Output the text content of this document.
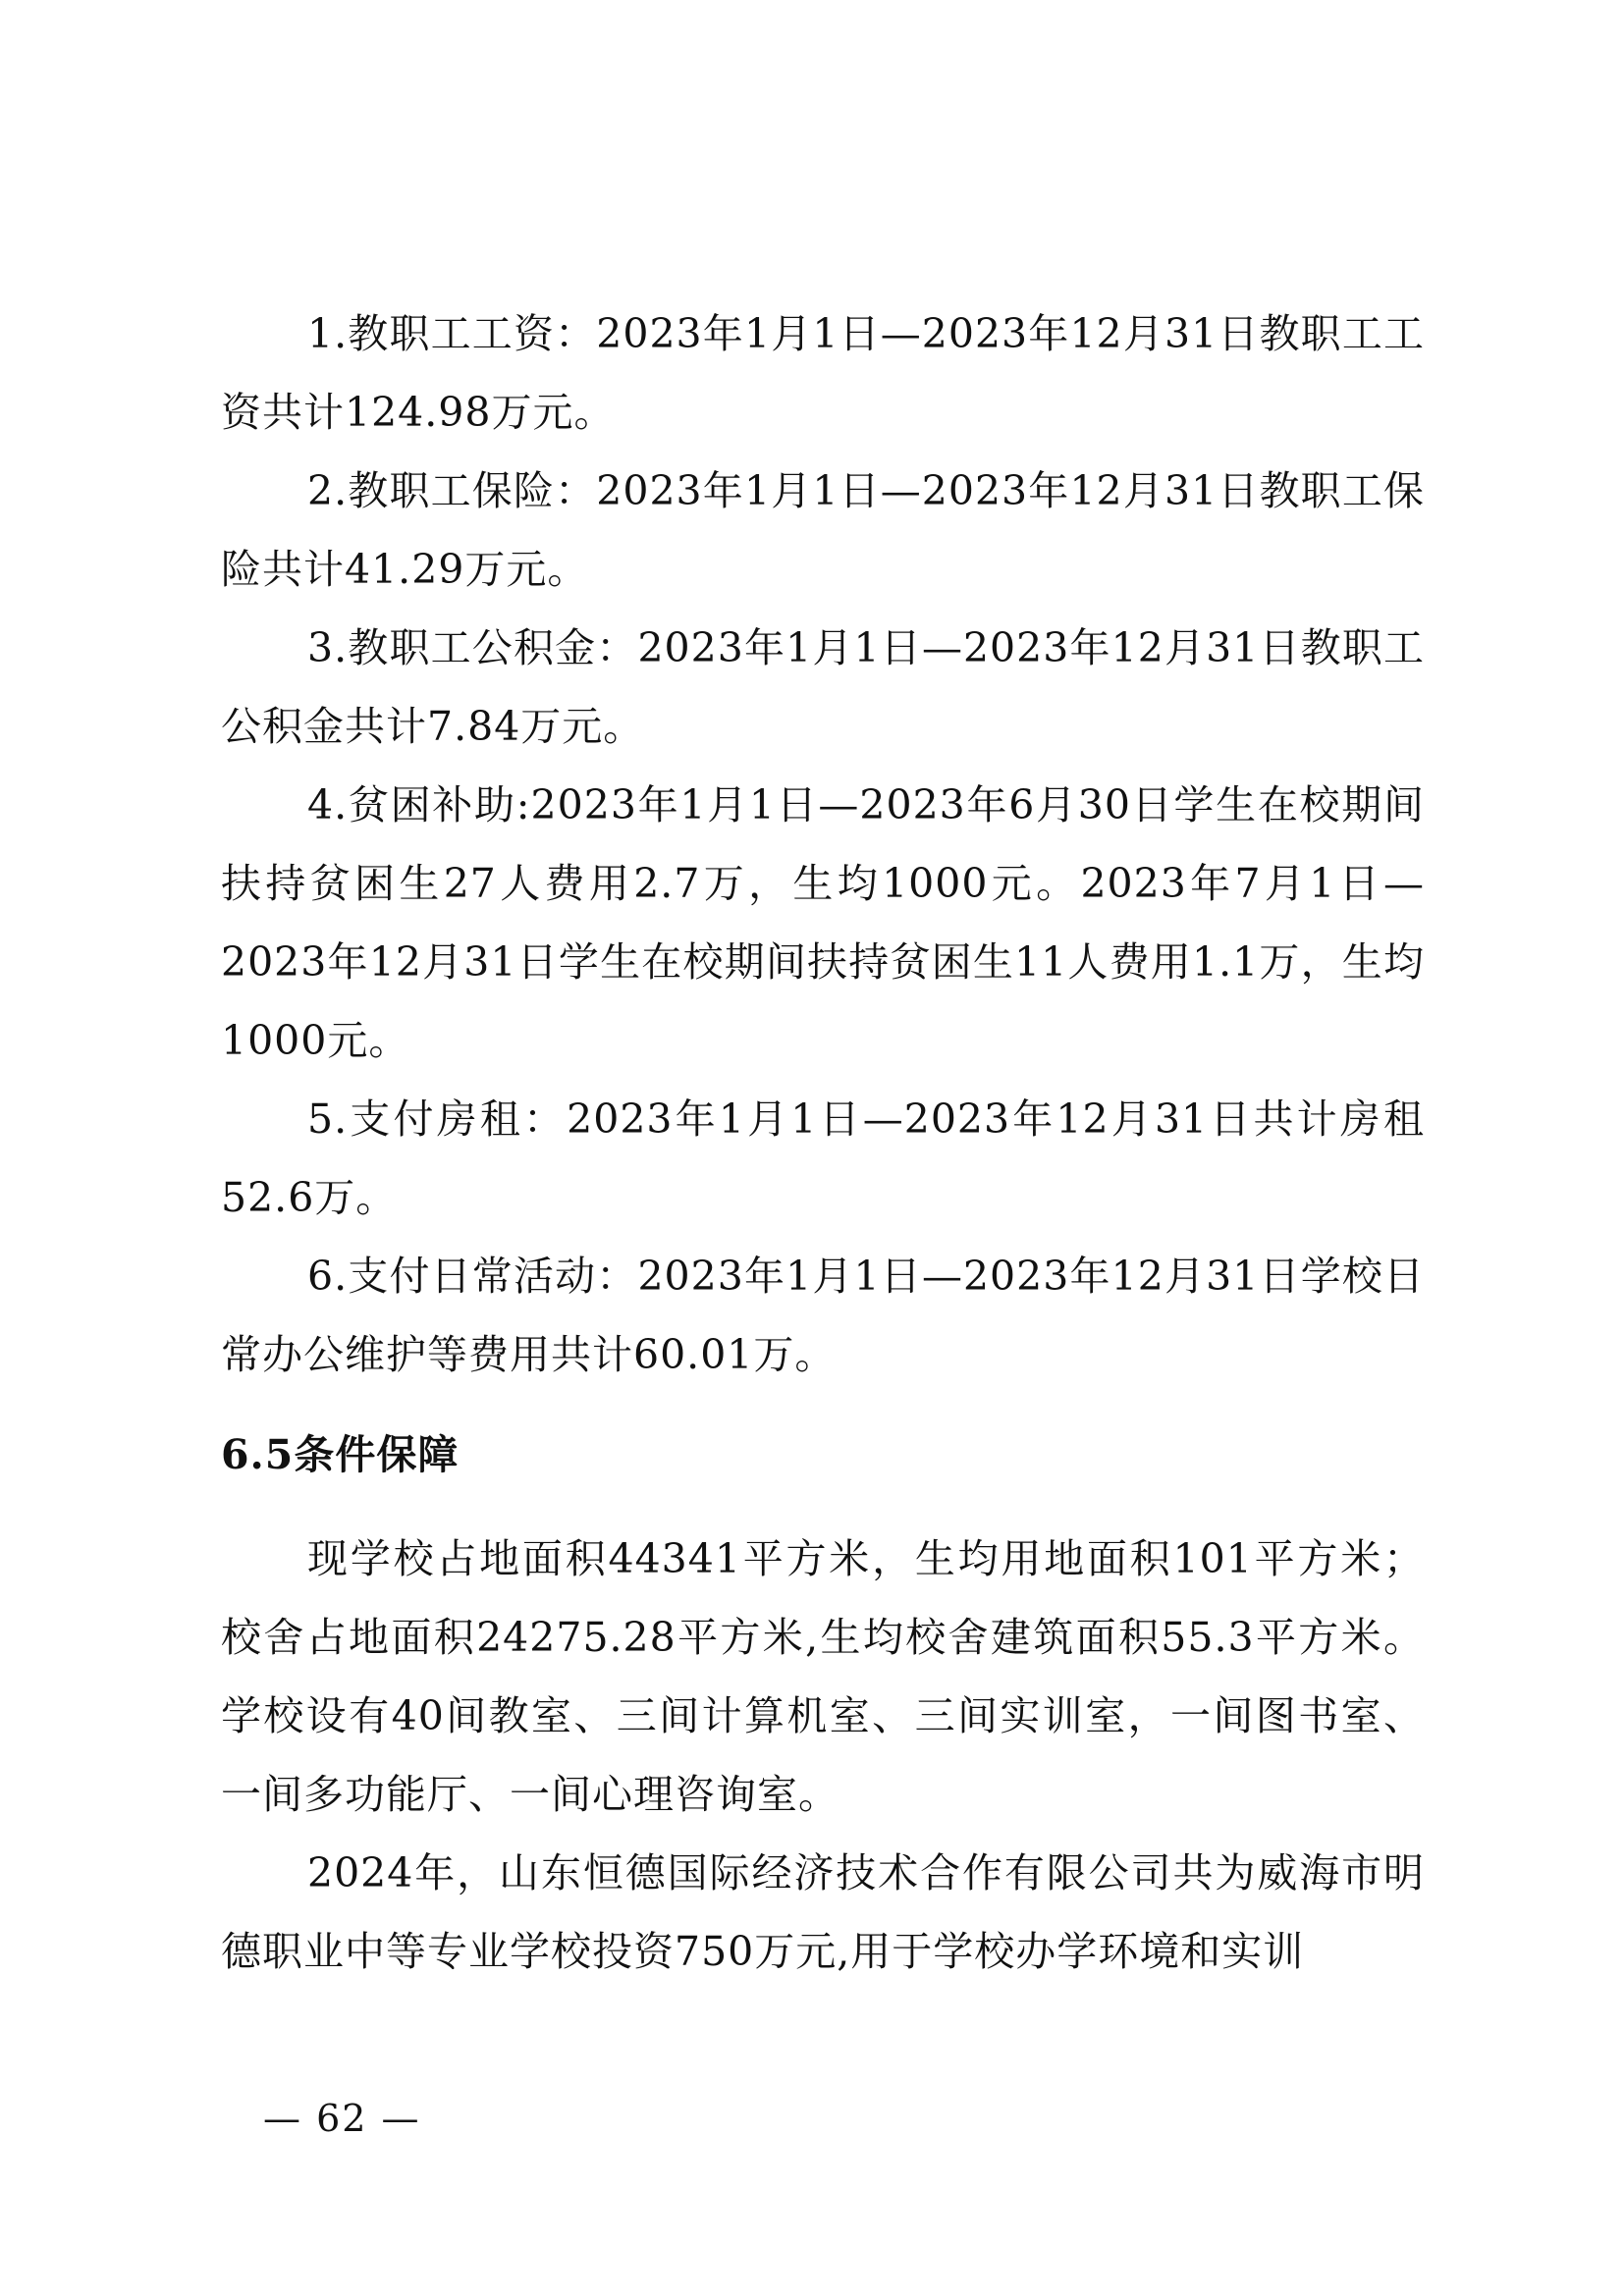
1.教职工工资：2023年1月1日—2023年12月31日教职工工资共计124.98万元。

2.教职工保险：2023年1月1日—2023年12月31日教职工保险共计41.29万元。

3.教职工公积金：2023年1月1日—2023年12月31日教职工公积金共计7.84万元。

4.贫困补助:2023年1月1日—2023年6月30日学生在校期间扶持贫困生27人费用2.7万，生均1000元。2023年7月1日—2023年12月31日学生在校期间扶持贫困生11人费用1.1万，生均1000元。

5.支付房租：2023年1月1日—2023年12月31日共计房租52.6万。

6.支付日常活动：2023年1月1日—2023年12月31日学校日常办公维护等费用共计60.01万。

6.5条件保障

现学校占地面积44341平方米，生均用地面积101平方米；校舍占地面积24275.28平方米,生均校舍建筑面积55.3平方米。学校设有40间教室、三间计算机室、三间实训室，一间图书室、一间多功能厅、一间心理咨询室。

2024年，山东恒德国际经济技术合作有限公司共为威海市明德职业中等专业学校投资750万元,用于学校办学环境和实训

— 62 —
